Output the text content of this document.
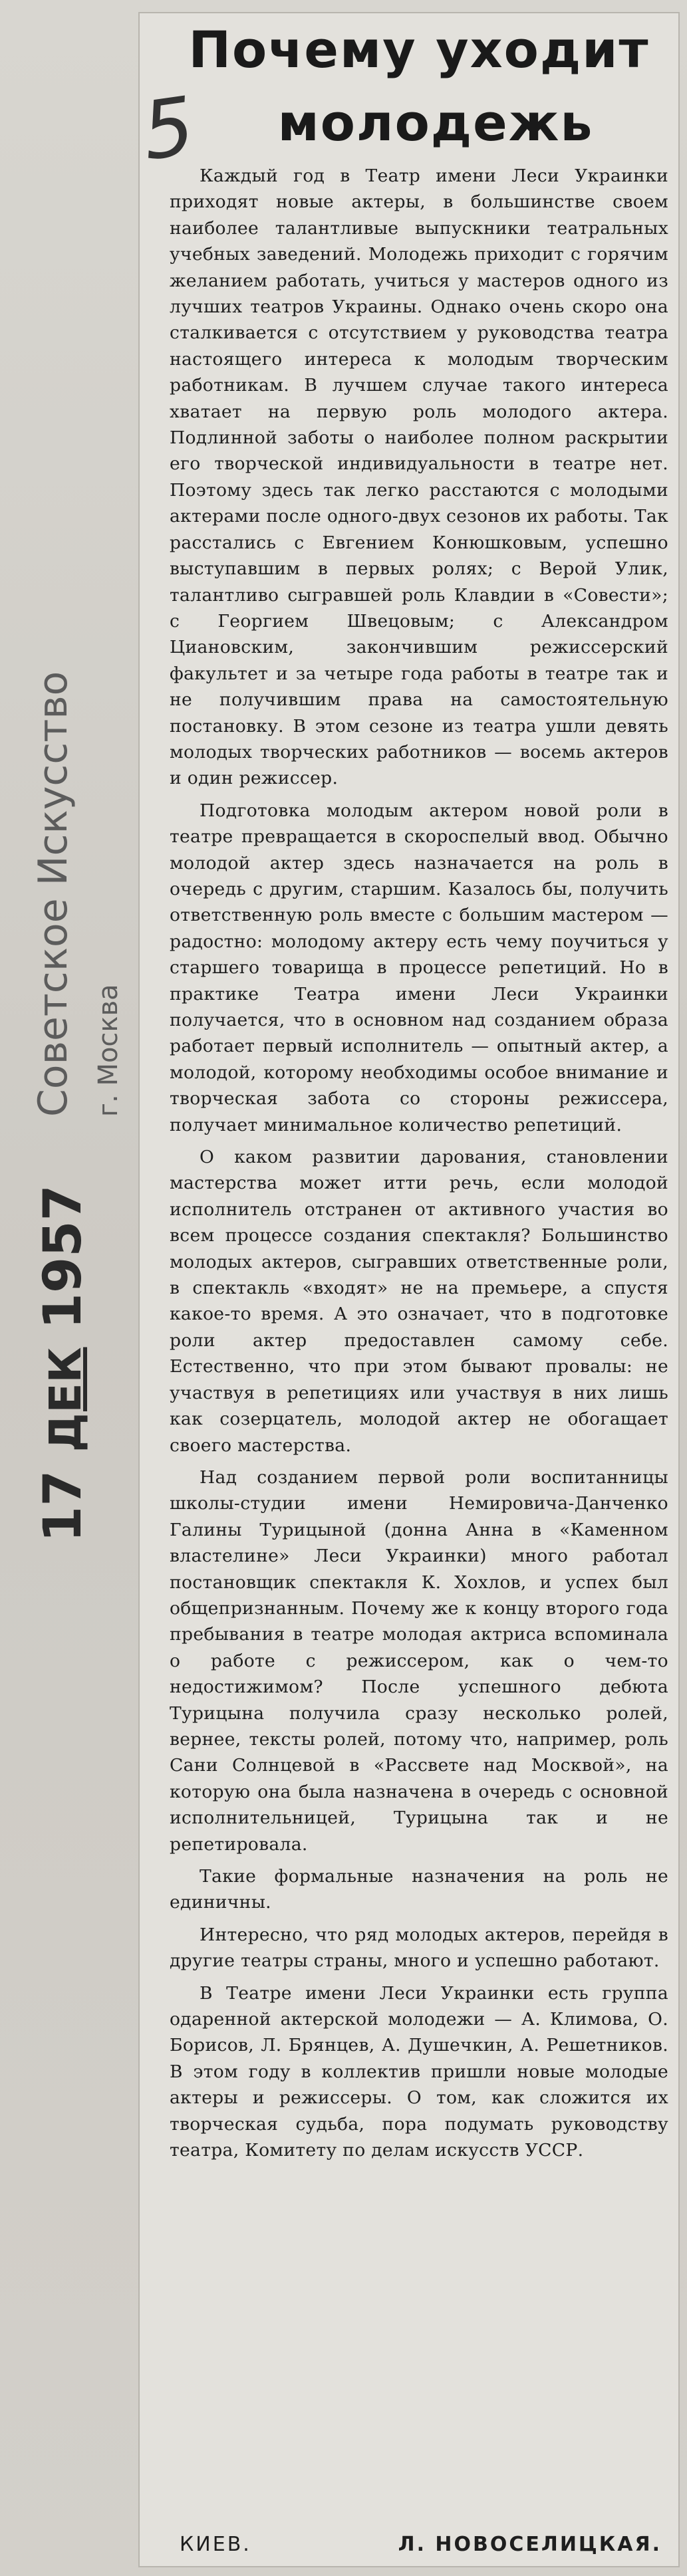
5
Почему уходит
молодежь
Советское Искусство г. Москва
17 ДЕК 1957

Каждый год в Театр имени Леси Украинки приходят новые актеры, в большинстве своем наиболее талантливые выпускники театральных учебных заведений. Молодежь приходит с горячим желанием работать, учиться у мастеров одного из лучших театров Украины. Однако очень скоро она сталкивается с отсутствием у руководства театра настоящего интереса к молодым творческим работникам. В лучшем случае такого интереса хватает на первую роль молодого актера. Подлинной заботы о наиболее полном раскрытии его творческой индивидуальности в театре нет. Поэтому здесь так легко расстаются с молодыми актерами после одного-двух сезонов их работы. Так расстались с Евгением Конюшковым, успешно выступавшим в первых ролях; с Верой Улик, талантливо сыгравшей роль Клавдии в «Совести»; с Георгием Швецовым; с Александром Циановским, закончившим режиссерский факультет и за четыре года работы в театре так и не получившим права на самостоятельную постановку. В этом сезоне из театра ушли девять молодых творческих работников — восемь актеров и один режиссер.

Подготовка молодым актером новой роли в театре превращается в скороспелый ввод. Обычно молодой актер здесь назначается на роль в очередь с другим, старшим. Казалось бы, получить ответственную роль вместе с большим мастером — радостно: молодому актеру есть чему поучиться у старшего товарища в процессе репетиций. Но в практике Театра имени Леси Украинки получается, что в основном над созданием образа работает первый исполнитель — опытный актер, а молодой, которому необходимы особое внимание и творческая забота со стороны режиссера, получает минимальное количество репетиций.

О каком развитии дарования, становлении мастерства может итти речь, если молодой исполнитель отстранен от активного участия во всем процессе создания спектакля? Большинство молодых актеров, сыгравших ответственные роли, в спектакль «входят» не на премьере, а спустя какое-то время. А это означает, что в подготовке роли актер предоставлен самому себе. Естественно, что при этом бывают провалы: не участвуя в репетициях или участвуя в них лишь как созерцатель, молодой актер не обогащает своего мастерства.

Над созданием первой роли воспитанницы школы-студии имени Немировича-Данченко Галины Турицыной (донна Анна в «Каменном властелине» Леси Украинки) много работал постановщик спектакля К. Хохлов, и успех был общепризнанным. Почему же к концу второго года пребывания в театре молодая актриса вспоминала о работе с режиссером, как о чем-то недостижимом? После успешного дебюта Турицына получила сразу несколько ролей, вернее, тексты ролей, потому что, например, роль Сани Солнцевой в «Рассвете над Москвой», на которую она была назначена в очередь с основной исполнительницей, Турицына так и не репетировала.

Такие формальные назначения на роль не единичны.

Интересно, что ряд молодых актеров, перейдя в другие театры страны, много и успешно работают.

В Театре имени Леси Украинки есть группа одаренной актерской молодежи — А. Климова, О. Борисов, Л. Брянцев, А. Душечкин, А. Решетников. В этом году в коллектив пришли новые молодые актеры и режиссеры. О том, как сложится их творческая судьба, пора подумать руководству театра, Комитету по делам искусств УССР.

КИЕВ.	Л. НОВОСЕЛИЦКАЯ.
